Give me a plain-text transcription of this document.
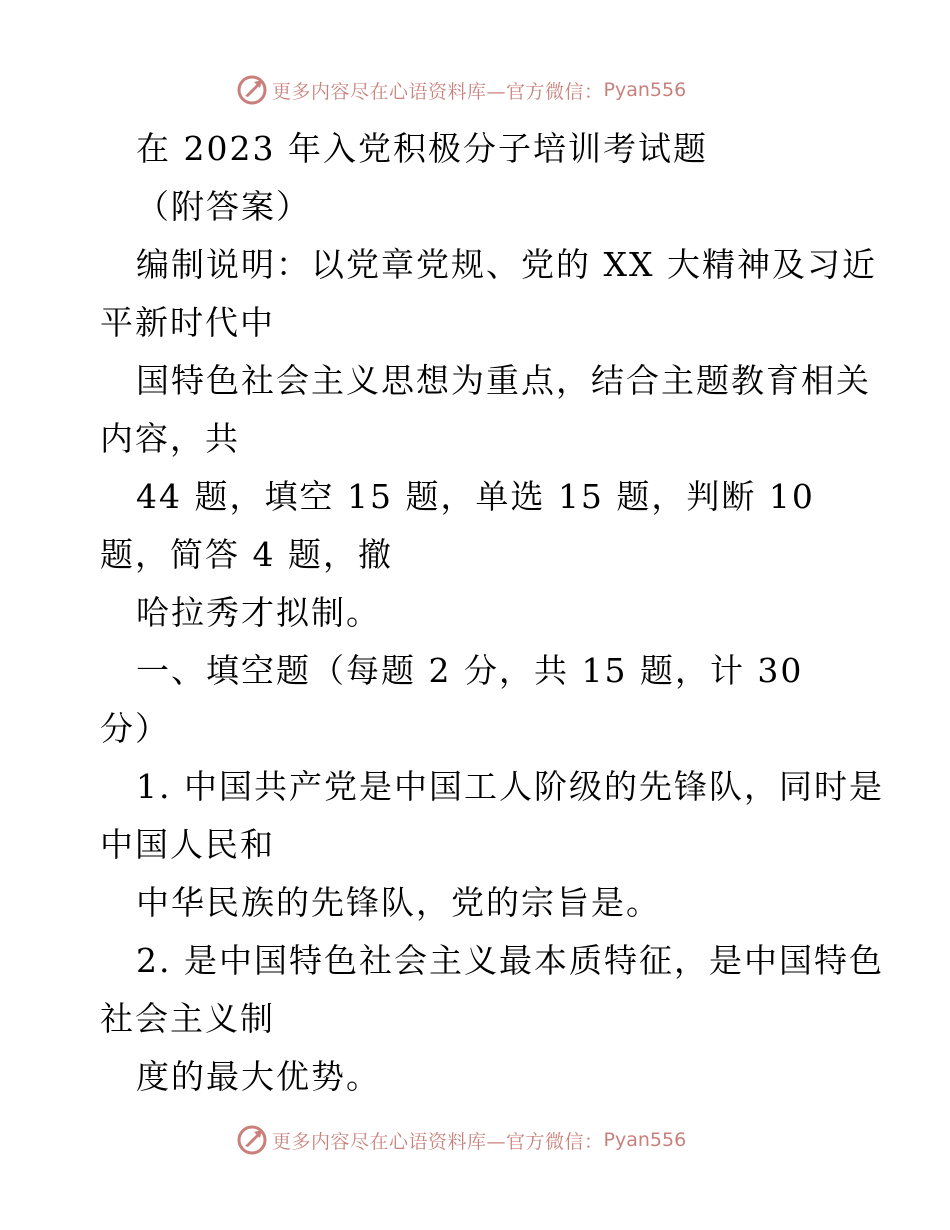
更多内容尽在心语资料库—官方微信： Pyan556
在 2023 年入党积极分子培训考试题
（附答案）
编制说明：以党章党规、党的 XX 大精神及习近
平新时代中
国特色社会主义思想为重点，结合主题教育相关
内容，共
44 题，填空 15 题，单选 15 题，判断 10
题，简答 4 题，撤
哈拉秀才拟制。
一、填空题（每题 2 分，共 15 题，计 30
分）
1. 中国共产党是中国工人阶级的先锋队，同时是
中国人民和
中华民族的先锋队，党的宗旨是。
2. 是中国特色社会主义最本质特征，是中国特色
社会主义制
度的最大优势。
更多内容尽在心语资料库—官方微信： Pyan556
